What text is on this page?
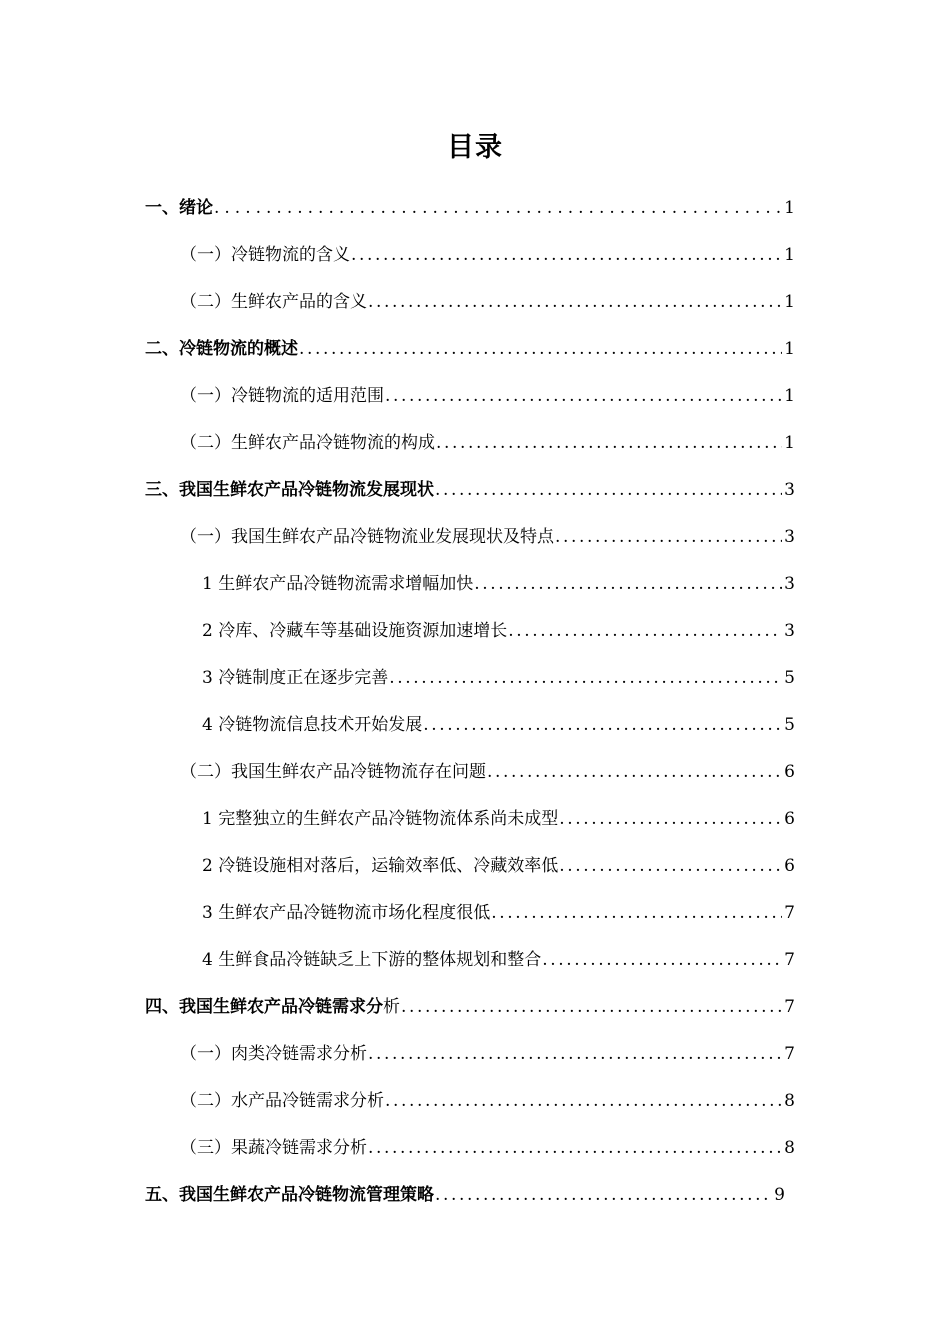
目录
一、绪论 .....	1
（一）冷链物流的含义 .....	1
（二）生鲜农产品的含义 .....	1
二、冷链物流的概述 .....	1
（一）冷链物流的适用范围 .....	1
（二）生鲜农产品冷链物流的构成 .....	1
三、我国生鲜农产品冷链物流发展现状 .....	3
（一）我国生鲜农产品冷链物流业发展现状及特点 .....	3
1 生鲜农产品冷链物流需求增幅加快 .....	3
2 冷库、冷藏车等基础设施资源加速增长 .....	3
3 冷链制度正在逐步完善 .....	5
4 冷链物流信息技术开始发展 .....	5
（二）我国生鲜农产品冷链物流存在问题 .....	6
1 完整独立的生鲜农产品冷链物流体系尚未成型 .....	6
2 冷链设施相对落后，运输效率低、冷藏效率低 .....	6
3 生鲜农产品冷链物流市场化程度很低 .....	7
4 生鲜食品冷链缺乏上下游的整体规划和整合 .....	7
四、我国生鲜农产品冷链需求分析 .....	7
（一）肉类冷链需求分析 .....	7
（二）水产品冷链需求分析 .....	8
（三）果蔬冷链需求分析 .....	8
五、我国生鲜农产品冷链物流管理策略 .....	9
